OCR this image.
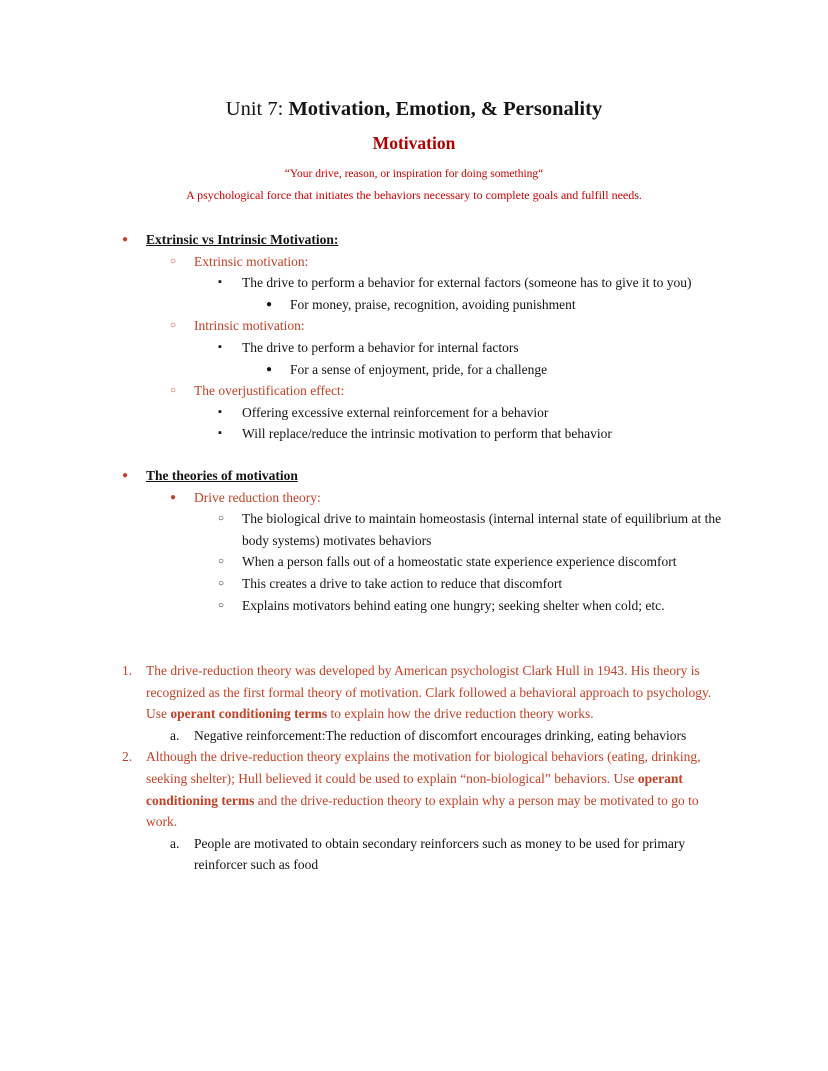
Unit 7: Motivation, Emotion, & Personality
Motivation
“Your drive, reason, or inspiration for doing something“
A psychological force that initiates the behaviors necessary to complete goals and fulfill needs.
● Extrinsic vs Intrinsic Motivation:
○ Extrinsic motivation:
▪ The drive to perform a behavior for external factors (someone has to give it to you)
● For money, praise, recognition, avoiding punishment
○ Intrinsic motivation:
▪ The drive to perform a behavior for internal factors
● For a sense of enjoyment, pride, for a challenge
○ The overjustification effect:
▪ Offering excessive external reinforcement for a behavior
▪ Will replace/reduce the intrinsic motivation to perform that behavior
● The theories of motivation
● Drive reduction theory:
○ The biological drive to maintain homeostasis (internal internal state of equilibrium at the body systems) motivates behaviors
○ When a person falls out of a homeostatic state experience experience discomfort
○ This creates a drive to take action to reduce that discomfort
○ Explains motivators behind eating one hungry; seeking shelter when cold; etc.
1. The drive-reduction theory was developed by American psychologist Clark Hull in 1943. His theory is recognized as the first formal theory of motivation. Clark followed a behavioral approach to psychology. Use operant conditioning terms to explain how the drive reduction theory works.
a. Negative reinforcement:The reduction of discomfort encourages drinking, eating behaviors
2. Although the drive-reduction theory explains the motivation for biological behaviors (eating, drinking, seeking shelter); Hull believed it could be used to explain “non-biological” behaviors. Use operant conditioning terms and the drive-reduction theory to explain why a person may be motivated to go to work.
a. People are motivated to obtain secondary reinforcers such as money to be used for primary reinforcer such as food
